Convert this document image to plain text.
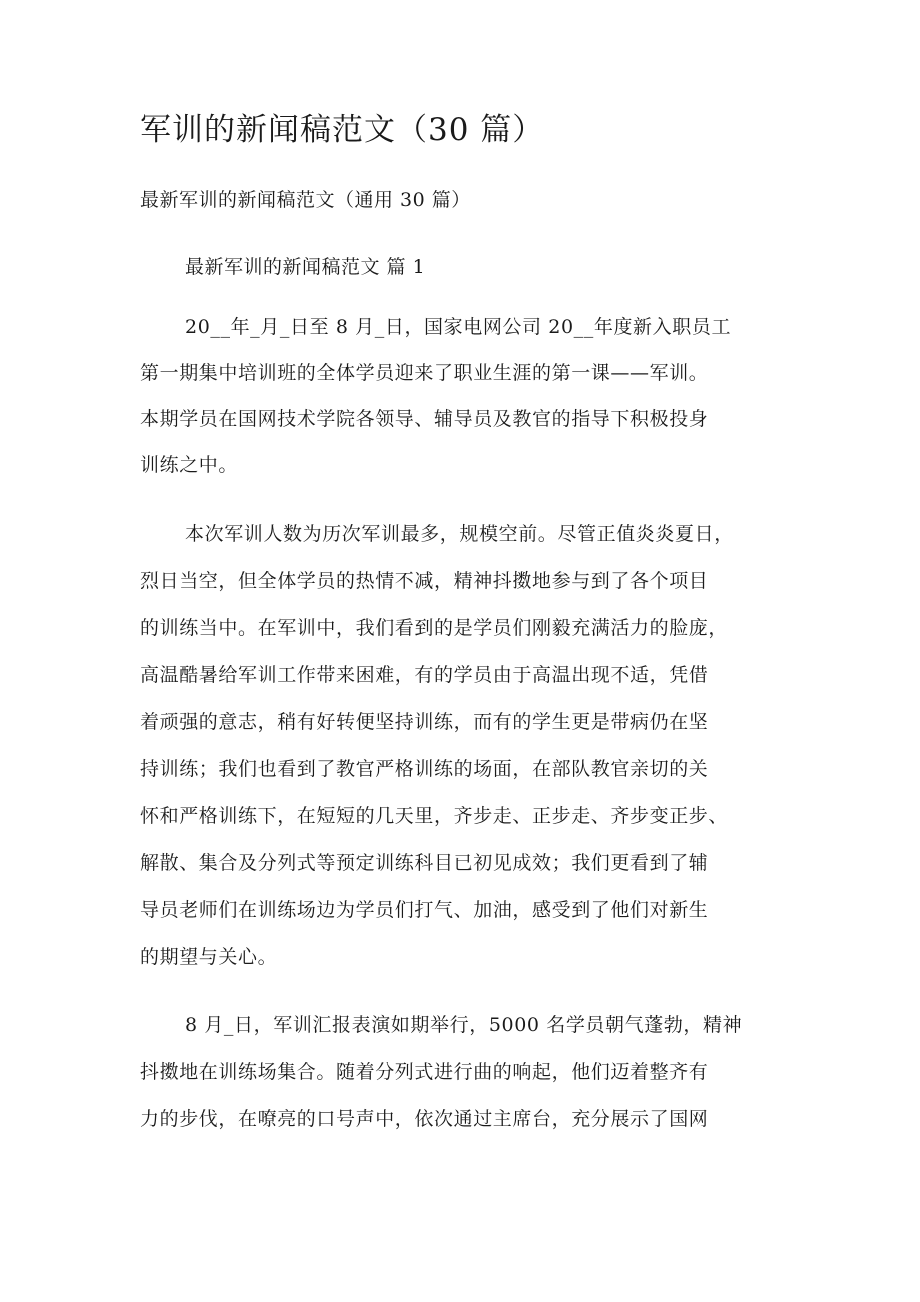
军训的新闻稿范文（30 篇）
最新军训的新闻稿范文（通用 30 篇）
最新军训的新闻稿范文 篇 1
20__年_月_日至 8 月_日，国家电网公司 20__年度新入职员工
第一期集中培训班的全体学员迎来了职业生涯的第一课——军训。
本期学员在国网技术学院各领导、辅导员及教官的指导下积极投身
训练之中。
本次军训人数为历次军训最多，规模空前。尽管正值炎炎夏日，
烈日当空，但全体学员的热情不减，精神抖擞地参与到了各个项目
的训练当中。在军训中，我们看到的是学员们刚毅充满活力的脸庞，
高温酷暑给军训工作带来困难，有的学员由于高温出现不适，凭借
着顽强的意志，稍有好转便坚持训练，而有的学生更是带病仍在坚
持训练；我们也看到了教官严格训练的场面，在部队教官亲切的关
怀和严格训练下，在短短的几天里，齐步走、正步走、齐步变正步、
解散、集合及分列式等预定训练科目已初见成效；我们更看到了辅
导员老师们在训练场边为学员们打气、加油，感受到了他们对新生
的期望与关心。
8 月_日，军训汇报表演如期举行，5000 名学员朝气蓬勃，精神
抖擞地在训练场集合。随着分列式进行曲的响起，他们迈着整齐有
力的步伐，在嘹亮的口号声中，依次通过主席台，充分展示了国网
